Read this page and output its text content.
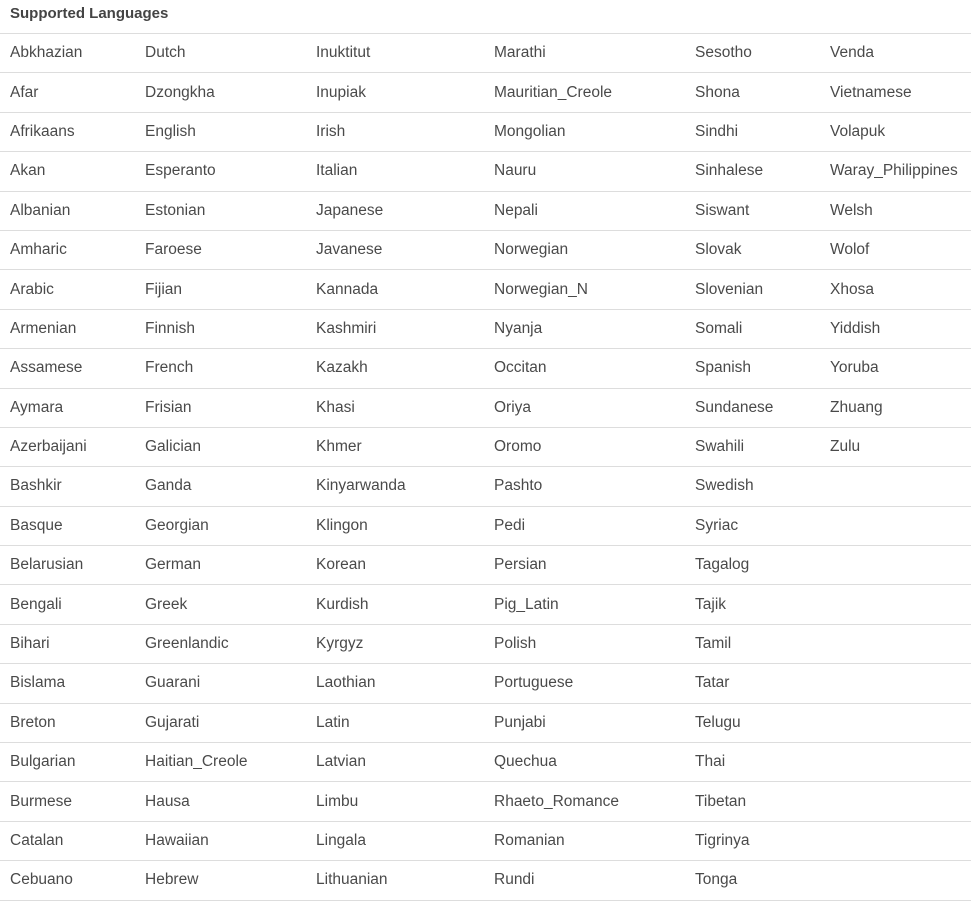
Supported Languages
Abkhazian	Dutch	Inuktitut	Marathi	Sesotho	Venda
Afar	Dzongkha	Inupiak	Mauritian_Creole	Shona	Vietnamese
Afrikaans	English	Irish	Mongolian	Sindhi	Volapuk
Akan	Esperanto	Italian	Nauru	Sinhalese	Waray_Philippines
Albanian	Estonian	Japanese	Nepali	Siswant	Welsh
Amharic	Faroese	Javanese	Norwegian	Slovak	Wolof
Arabic	Fijian	Kannada	Norwegian_N	Slovenian	Xhosa
Armenian	Finnish	Kashmiri	Nyanja	Somali	Yiddish
Assamese	French	Kazakh	Occitan	Spanish	Yoruba
Aymara	Frisian	Khasi	Oriya	Sundanese	Zhuang
Azerbaijani	Galician	Khmer	Oromo	Swahili	Zulu
Bashkir	Ganda	Kinyarwanda	Pashto	Swedish	
Basque	Georgian	Klingon	Pedi	Syriac	
Belarusian	German	Korean	Persian	Tagalog	
Bengali	Greek	Kurdish	Pig_Latin	Tajik	
Bihari	Greenlandic	Kyrgyz	Polish	Tamil	
Bislama	Guarani	Laothian	Portuguese	Tatar	
Breton	Gujarati	Latin	Punjabi	Telugu	
Bulgarian	Haitian_Creole	Latvian	Quechua	Thai	
Burmese	Hausa	Limbu	Rhaeto_Romance	Tibetan	
Catalan	Hawaiian	Lingala	Romanian	Tigrinya	
Cebuano	Hebrew	Lithuanian	Rundi	Tonga	
